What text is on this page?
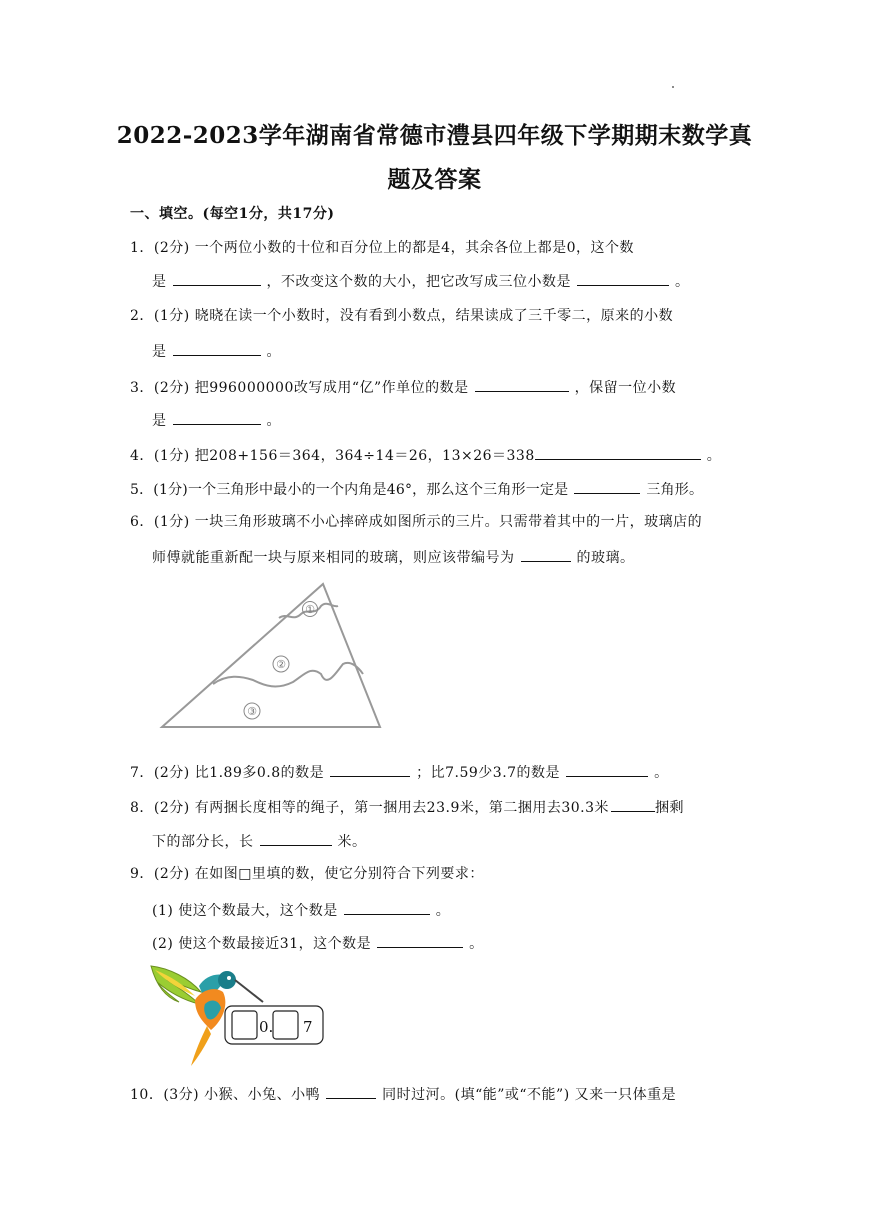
2022-2023学年湖南省常德市澧县四年级下学期期末数学真
题及答案
一、填空。(每空1分，共17分)
1．(2分) 一个两位小数的十位和百分位上的都是4，其余各位上都是0，这个数
是	，不改变这个数的大小，把它改写成三位小数是	。
2．(1分) 晓晓在读一个小数时，没有看到小数点，结果读成了三千零二，原来的小数
是	。
3．(2分) 把996000000改写成用“亿”作单位的数是	，保留一位小数
是	。
4．(1分) 把208+156＝364，364÷14＝26，13×26＝338	。
5．(1分)一个三角形中最小的一个内角是46°，那么这个三角形一定是	三角形。
6．(1分) 一块三角形玻璃不小心摔碎成如图所示的三片。只需带着其中的一片，玻璃店的
师傅就能重新配一块与原来相同的玻璃，则应该带编号为	的玻璃。
①
②
③
7．(2分) 比1.89多0.8的数是	；比7.59少3.7的数是	。
8．(2分) 有两捆长度相等的绳子，第一捆用去23.9米，第二捆用去30.3米	捆剩
下的部分长，长	米。
9．(2分) 在如图□里填的数，使它分别符合下列要求：
(1) 使这个数最大，这个数是	。
(2) 使这个数最接近31，这个数是	。
0. 7
10．(3分) 小猴、小兔、小鸭	同时过河。(填“能”或“不能”) 又来一只体重是
